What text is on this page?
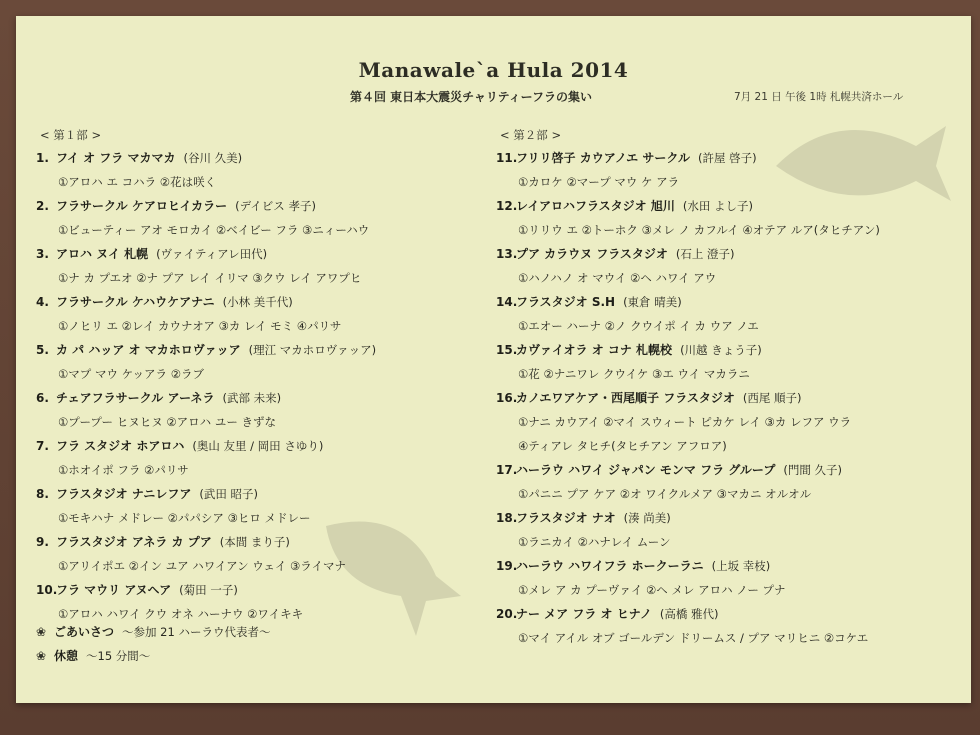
Manawale`a Hula 2014
第４回 東日本大震災チャリティーフラの集い	7月 21 日 午後 1時 札幌共済ホール
< 第１部 >
1. フイ オ フラ マカマカ (谷川 久美)
①アロハ エ コハラ ②花は咲く
2. フラサークル ケアロヒイカラー (デイビス 孝子)
①ビューティー アオ モロカイ ②ベイビー フラ ③ニィーハウ
3. アロハ ヌイ 札幌 (ヴァイティアレ田代)
①ナ カ プエオ ②ナ プア レイ イリマ ③クウ レイ アワプヒ
4. フラサークル ケハウケアナニ (小林 美千代)
①ノヒリ エ ②レイ カウナオア ③カ レイ モミ ④パリサ
5. カ パ ハッア オ マカホロヴァッア (理江 マカホロヴァッア)
①マプ マウ ケッアラ ②ラブ
6. チェアフラサークル アーネラ (武部 未来)
①プープー ヒヌヒヌ ②アロハ ユー きずな
7. フラ スタジオ ホアロハ (奥山 友里 / 岡田 さゆり)
①ホオイポ フラ ②パリサ
8. フラスタジオ ナニレフア (武田 昭子)
①モキハナ メドレー ②パパシア ③ヒロ メドレー
9. フラスタジオ アネラ カ プア (本間 まり子)
①アリイポエ ②イン ユア ハワイアン ウェイ ③ライマナ
10.フラ マウリ アヌヘア (菊田 一子)
①アロハ ハワイ クウ オネ ハーナウ ②ワイキキ
< 第２部 >
11.フリリ啓子 カウアノエ サークル (許屋 啓子)
①カロケ ②マープ マウ ケ アラ
12.レイアロハフラスタジオ 旭川 (水田 よし子)
①リリウ エ ②トーホク ③メレ ノ カフルイ ④オテア ルア(タヒチアン)
13.プア カラウヌ フラスタジオ (石上 澄子)
①ハノハノ オ マウイ ②ヘ ハワイ アウ
14.フラスタジオ S.H (東倉 晴美)
①エオー ハーナ ②ノ クウイポ イ カ ウア ノエ
15.カヴァイオラ オ コナ 札幌校 (川越 きょう子)
①花 ②ナニワレ クウイケ ③エ ウイ マカラニ
16.カノエワアケア・西尾順子 フラスタジオ (西尾 順子)
①ナニ カウアイ ②マイ スウィート ピカケ レイ ③カ レフア ウラ
④ティアレ タヒチ(タヒチアン アフロア)
17.ハーラウ ハワイ ジャパン モンマ フラ グループ (門間 久子)
①パニニ プア ケア ②オ ワイクルメア ③マカニ オルオル
18.フラスタジオ ナオ (湊 尚美)
①ラニカイ ②ハナレイ ムーン
19.ハーラウ ハワイフラ ホークーラニ (上坂 幸枝)
①メレ ア カ プーヴァイ ②ヘ メレ アロハ ノー プナ
20.ナー メア フラ オ ヒナノ (高橋 雅代)
①マイ アイル オブ ゴールデン ドリームス / プア マリヒニ ②コケエ
❀ ごあいさつ ～参加 21 ハーラウ代表者～
❀ 休憩 ～15 分間～
